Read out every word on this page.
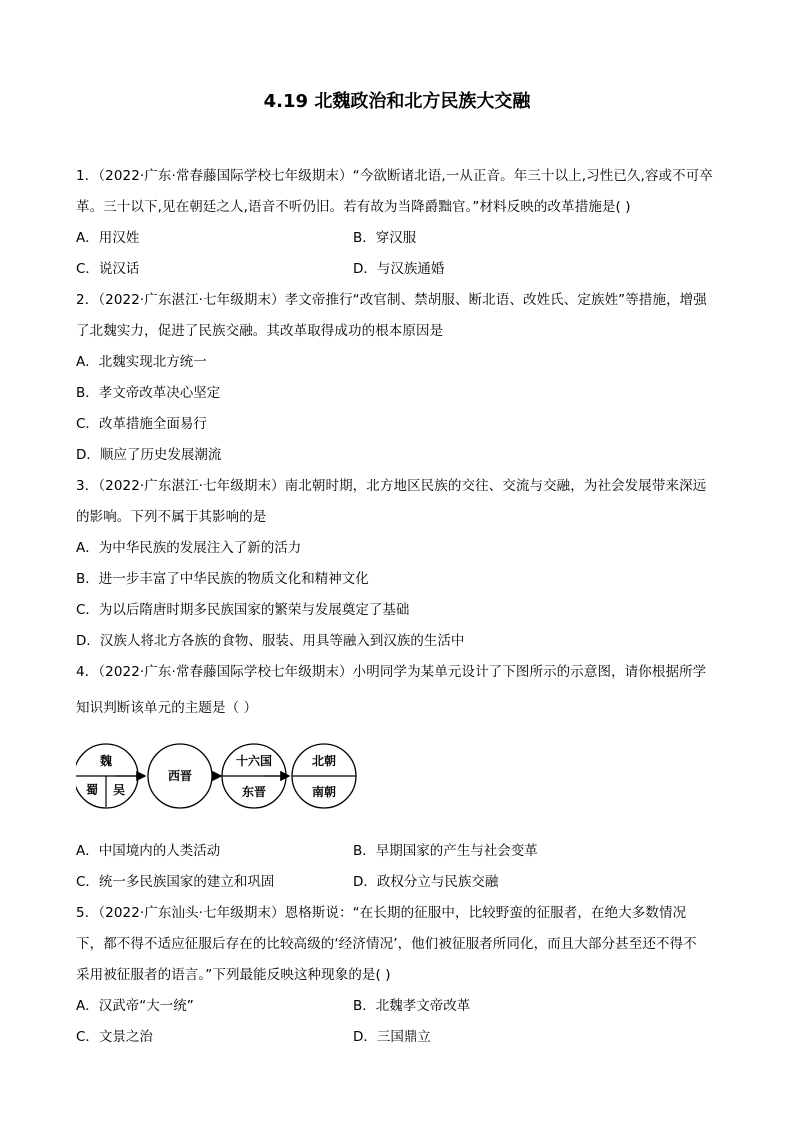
4.19 北魏政治和北方民族大交融
1．（2022·广东·常春藤国际学校七年级期末）“今欲断诸北语,一从正音。年三十以上,习性已久,容或不可卒
革。三十以下,见在朝廷之人,语音不听仍旧。若有故为当降爵黜官。”材料反映的改革措施是( )
A．用汉姓	B．穿汉服
C．说汉话	D．与汉族通婚
2．（2022·广东湛江·七年级期末）孝文帝推行“改官制、禁胡服、断北语、改姓氏、定族姓”等措施，增强
了北魏实力，促进了民族交融。其改革取得成功的根本原因是
A．北魏实现北方统一
B．孝文帝改革决心坚定
C．改革措施全面易行
D．顺应了历史发展潮流
3．（2022·广东湛江·七年级期末）南北朝时期，北方地区民族的交往、交流与交融，为社会发展带来深远
的影响。下列不属于其影响的是
A．为中华民族的发展注入了新的活力
B．进一步丰富了中华民族的物质文化和精神文化
C．为以后隋唐时期多民族国家的繁荣与发展奠定了基础
D．汉族人将北方各族的食物、服装、用具等融入到汉族的生活中
4．（2022·广东·常春藤国际学校七年级期末）小明同学为某单元设计了下图所示的示意图，请你根据所学
知识判断该单元的主题是（ ）
魏
蜀 吴
西晋
十六国
东晋
北朝
南朝
A．中国境内的人类活动	B．早期国家的产生与社会变革
C．统一多民族国家的建立和巩固	D．政权分立与民族交融
5．（2022·广东汕头·七年级期末）恩格斯说：“在长期的征服中，比较野蛮的征服者，在绝大多数情况
下，都不得不适应征服后存在的比较高级的‘经济情况’，他们被征服者所同化，而且大部分甚至还不得不
采用被征服者的语言。”下列最能反映这种现象的是( )
A．汉武帝“大一统”	B．北魏孝文帝改革
C．文景之治	D．三国鼎立
